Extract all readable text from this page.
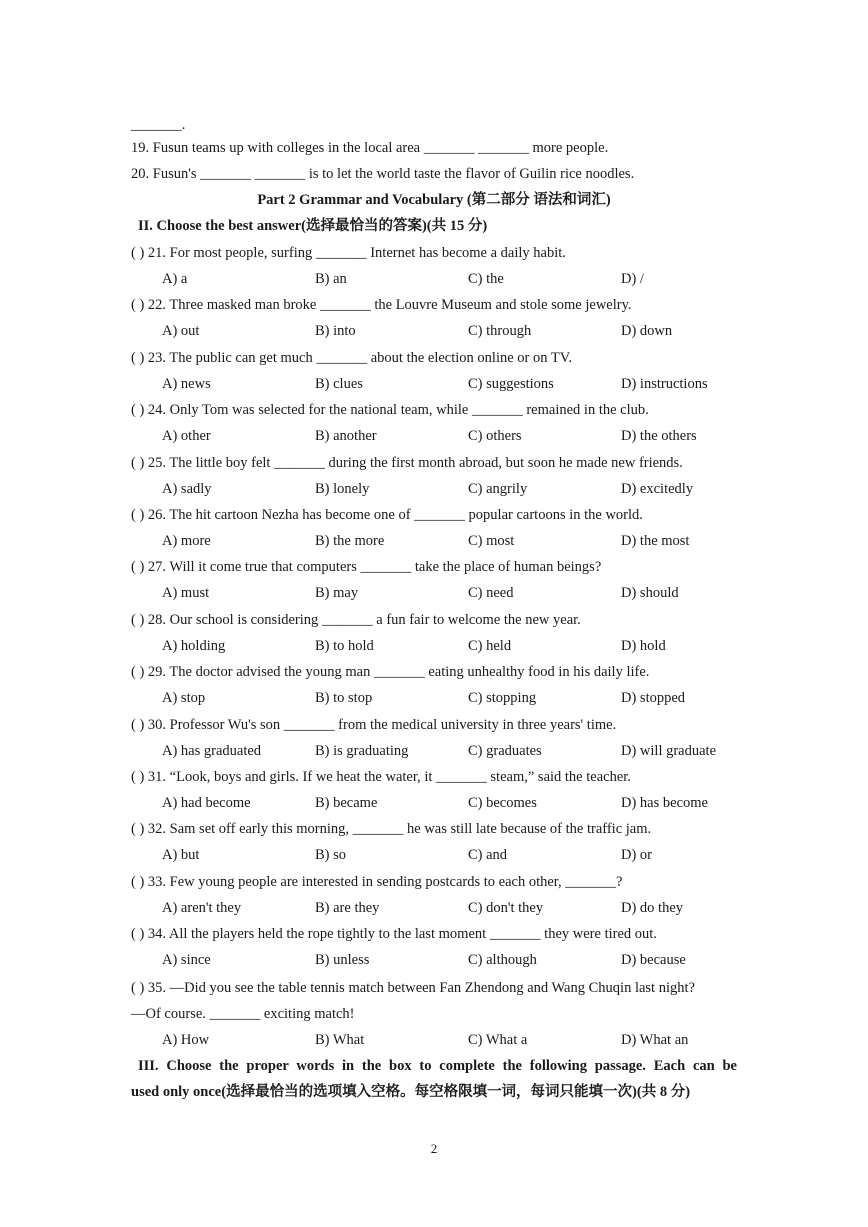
_______.
19. Fusun teams up with colleges in the local area _______ _______ more people.
20. Fusun's _______ _______ is to let the world taste the flavor of Guilin rice noodles.
Part 2 Grammar and Vocabulary (第二部分 语法和词汇)
II. Choose the best answer(选择最恰当的答案)(共 15 分)
( ) 21. For most people, surfing _______ Internet has become a daily habit.
A) a	B) an	C) the	D) /
( ) 22. Three masked man broke _______ the Louvre Museum and stole some jewelry.
A) out	B) into	C) through	D) down
( ) 23. The public can get much _______ about the election online or on TV.
A) news	B) clues	C) suggestions	D) instructions
( ) 24. Only Tom was selected for the national team, while _______ remained in the club.
A) other	B) another	C) others	D) the others
( ) 25. The little boy felt _______ during the first month abroad, but soon he made new friends.
A) sadly	B) lonely	C) angrily	D) excitedly
( ) 26. The hit cartoon Nezha has become one of _______ popular cartoons in the world.
A) more	B) the more	C) most	D) the most
( ) 27. Will it come true that computers _______ take the place of human beings?
A) must	B) may	C) need	D) should
( ) 28. Our school is considering _______ a fun fair to welcome the new year.
A) holding	B) to hold	C) held	D) hold
( ) 29. The doctor advised the young man _______ eating unhealthy food in his daily life.
A) stop	B) to stop	C) stopping	D) stopped
( ) 30. Professor Wu's son _______ from the medical university in three years' time.
A) has graduated	B) is graduating	C) graduates	D) will graduate
( ) 31. “Look, boys and girls. If we heat the water, it _______ steam,” said the teacher.
A) had become	B) became	C) becomes	D) has become
( ) 32. Sam set off early this morning, _______ he was still late because of the traffic jam.
A) but	B) so	C) and	D) or
( ) 33. Few young people are interested in sending postcards to each other, _______?
A) aren't they	B) are they	C) don't they	D) do they
( ) 34. All the players held the rope tightly to the last moment _______ they were tired out.
A) since	B) unless	C) although	D) because
( ) 35. —Did you see the table tennis match between Fan Zhendong and Wang Chuqin last night?
—Of course. _______ exciting match!
A) How	B) What	C) What a	D) What an
III. Choose the proper words in the box to complete the following passage. Each can be
used only once(选择最恰当的选项填入空格。每空格限填一词，每词只能填一次)(共 8 分)
2
